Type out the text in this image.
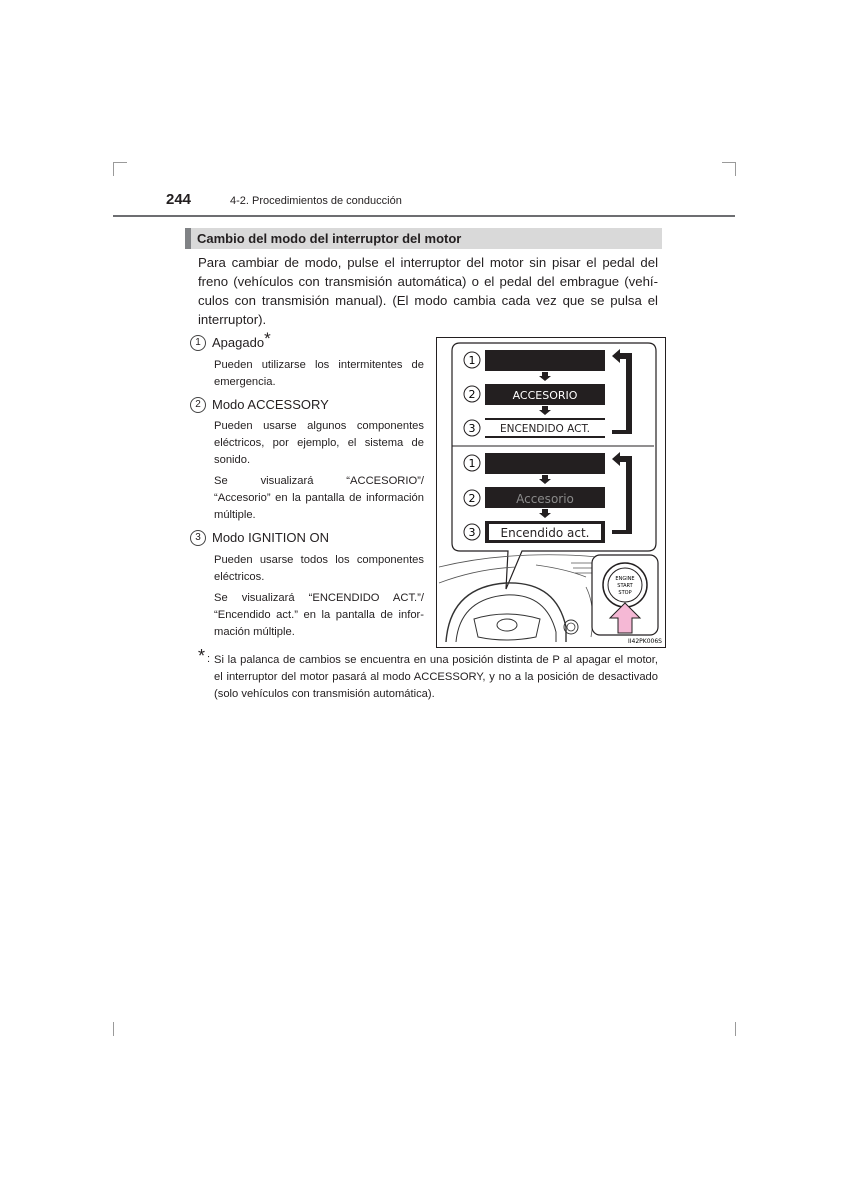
244	4-2. Procedimientos de conducción
Cambio del modo del interruptor del motor
Para cambiar de modo, pulse el interruptor del motor sin pisar el pedal del freno (vehículos con transmisión automática) o el pedal del embrague (vehí-culos con transmisión manual). (El modo cambia cada vez que se pulsa el interruptor).
1 Apagado*
Pueden utilizarse los intermitentes de emergencia.
2 Modo ACCESSORY
Pueden usarse algunos componentes eléctricos, por ejemplo, el sistema de sonido.
Se visualizará “ACCESORIO”/ “Accesorio” en la pantalla de información múltiple.
3 Modo IGNITION ON
Pueden usarse todos los componentes eléctricos.
Se visualizará “ENCENDIDO ACT.”/ “Encendido act.” en la pantalla de infor-mación múltiple.
1
2	ACCESORIO
3 ENCENDIDO ACT.
1
2	Accesorio
3 Encendido act.
ENGINE
START
STOP
II42PK006S
* : Si la palanca de cambios se encuentra en una posición distinta de P al apagar el motor, el interruptor del motor pasará al modo ACCESSORY, y no a la posición de desactivado (solo vehículos con transmisión automática).
